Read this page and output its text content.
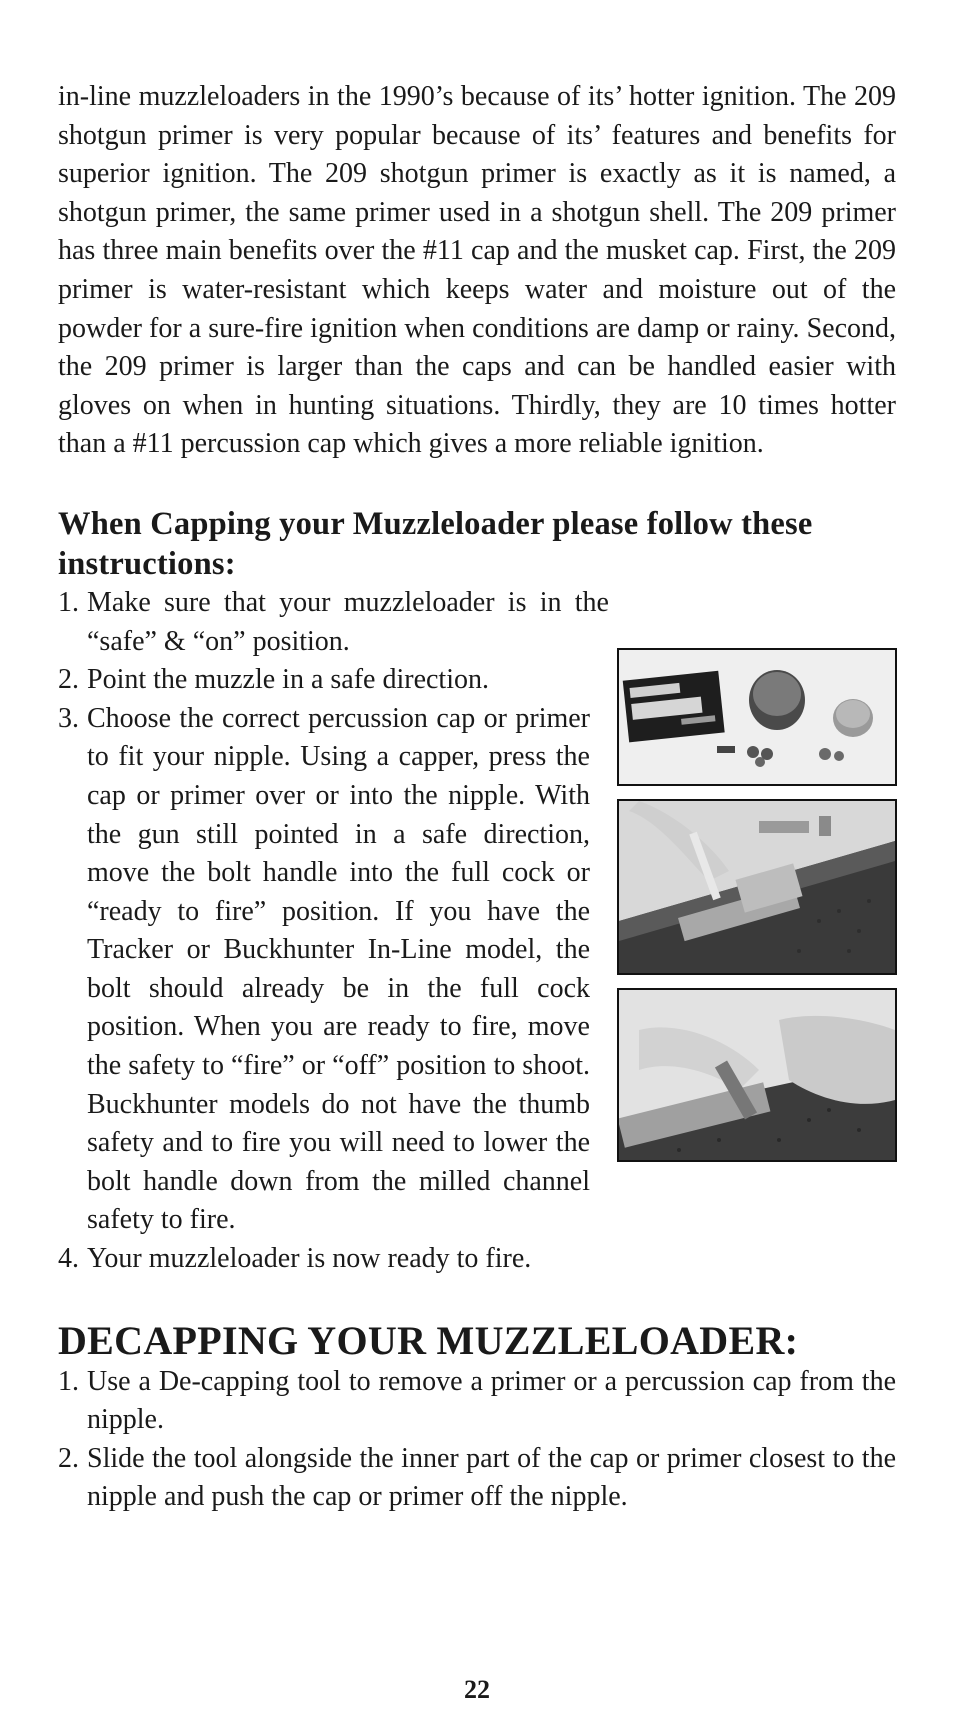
in-line muzzleloaders in the 1990’s because of its’ hotter ignition. The 209 shotgun primer is very popular because of its’ features and benefits for superior ignition. The 209 shotgun primer is exactly as it is named, a shotgun primer, the same primer used in a shotgun shell. The 209 primer has three main benefits over the #11 cap and the musket cap. First, the 209 primer is water-resistant which keeps water and moisture out of the powder for a sure-fire ignition when conditions are damp or rainy. Second, the 209 primer is larger than the caps and can be handled easier with gloves on when in hunting situations. Thirdly, they are 10 times hotter than a #11 percussion cap which gives a more reliable ignition.

When Capping your Muzzleloader please follow these instructions:
1. Make sure that your muzzleloader is in the “safe” & “on” position.
2. Point the muzzle in a safe direction.
3. Choose the correct percussion cap or primer to fit your nipple. Using a capper, press the cap or primer over or into the nipple. With the gun still pointed in a safe direction, move the bolt handle into the full cock or “ready to fire” position. If you have the Tracker or Buckhunter In-Line model, the bolt should already be in the full cock position. When you are ready to fire, move the safety to “fire” or “off” position to shoot. Buckhunter models do not have the thumb safety and to fire you will need to lower the bolt handle down from the milled channel safety to fire.
4. Your muzzleloader is now ready to fire.
DECAPPING YOUR MUZZLELOADER:
1. Use a De-capping tool to remove a primer or a percussion cap from the nipple.
2. Slide the tool alongside the inner part of the cap or primer closest to the nipple and push the cap or primer off the nipple.
22
